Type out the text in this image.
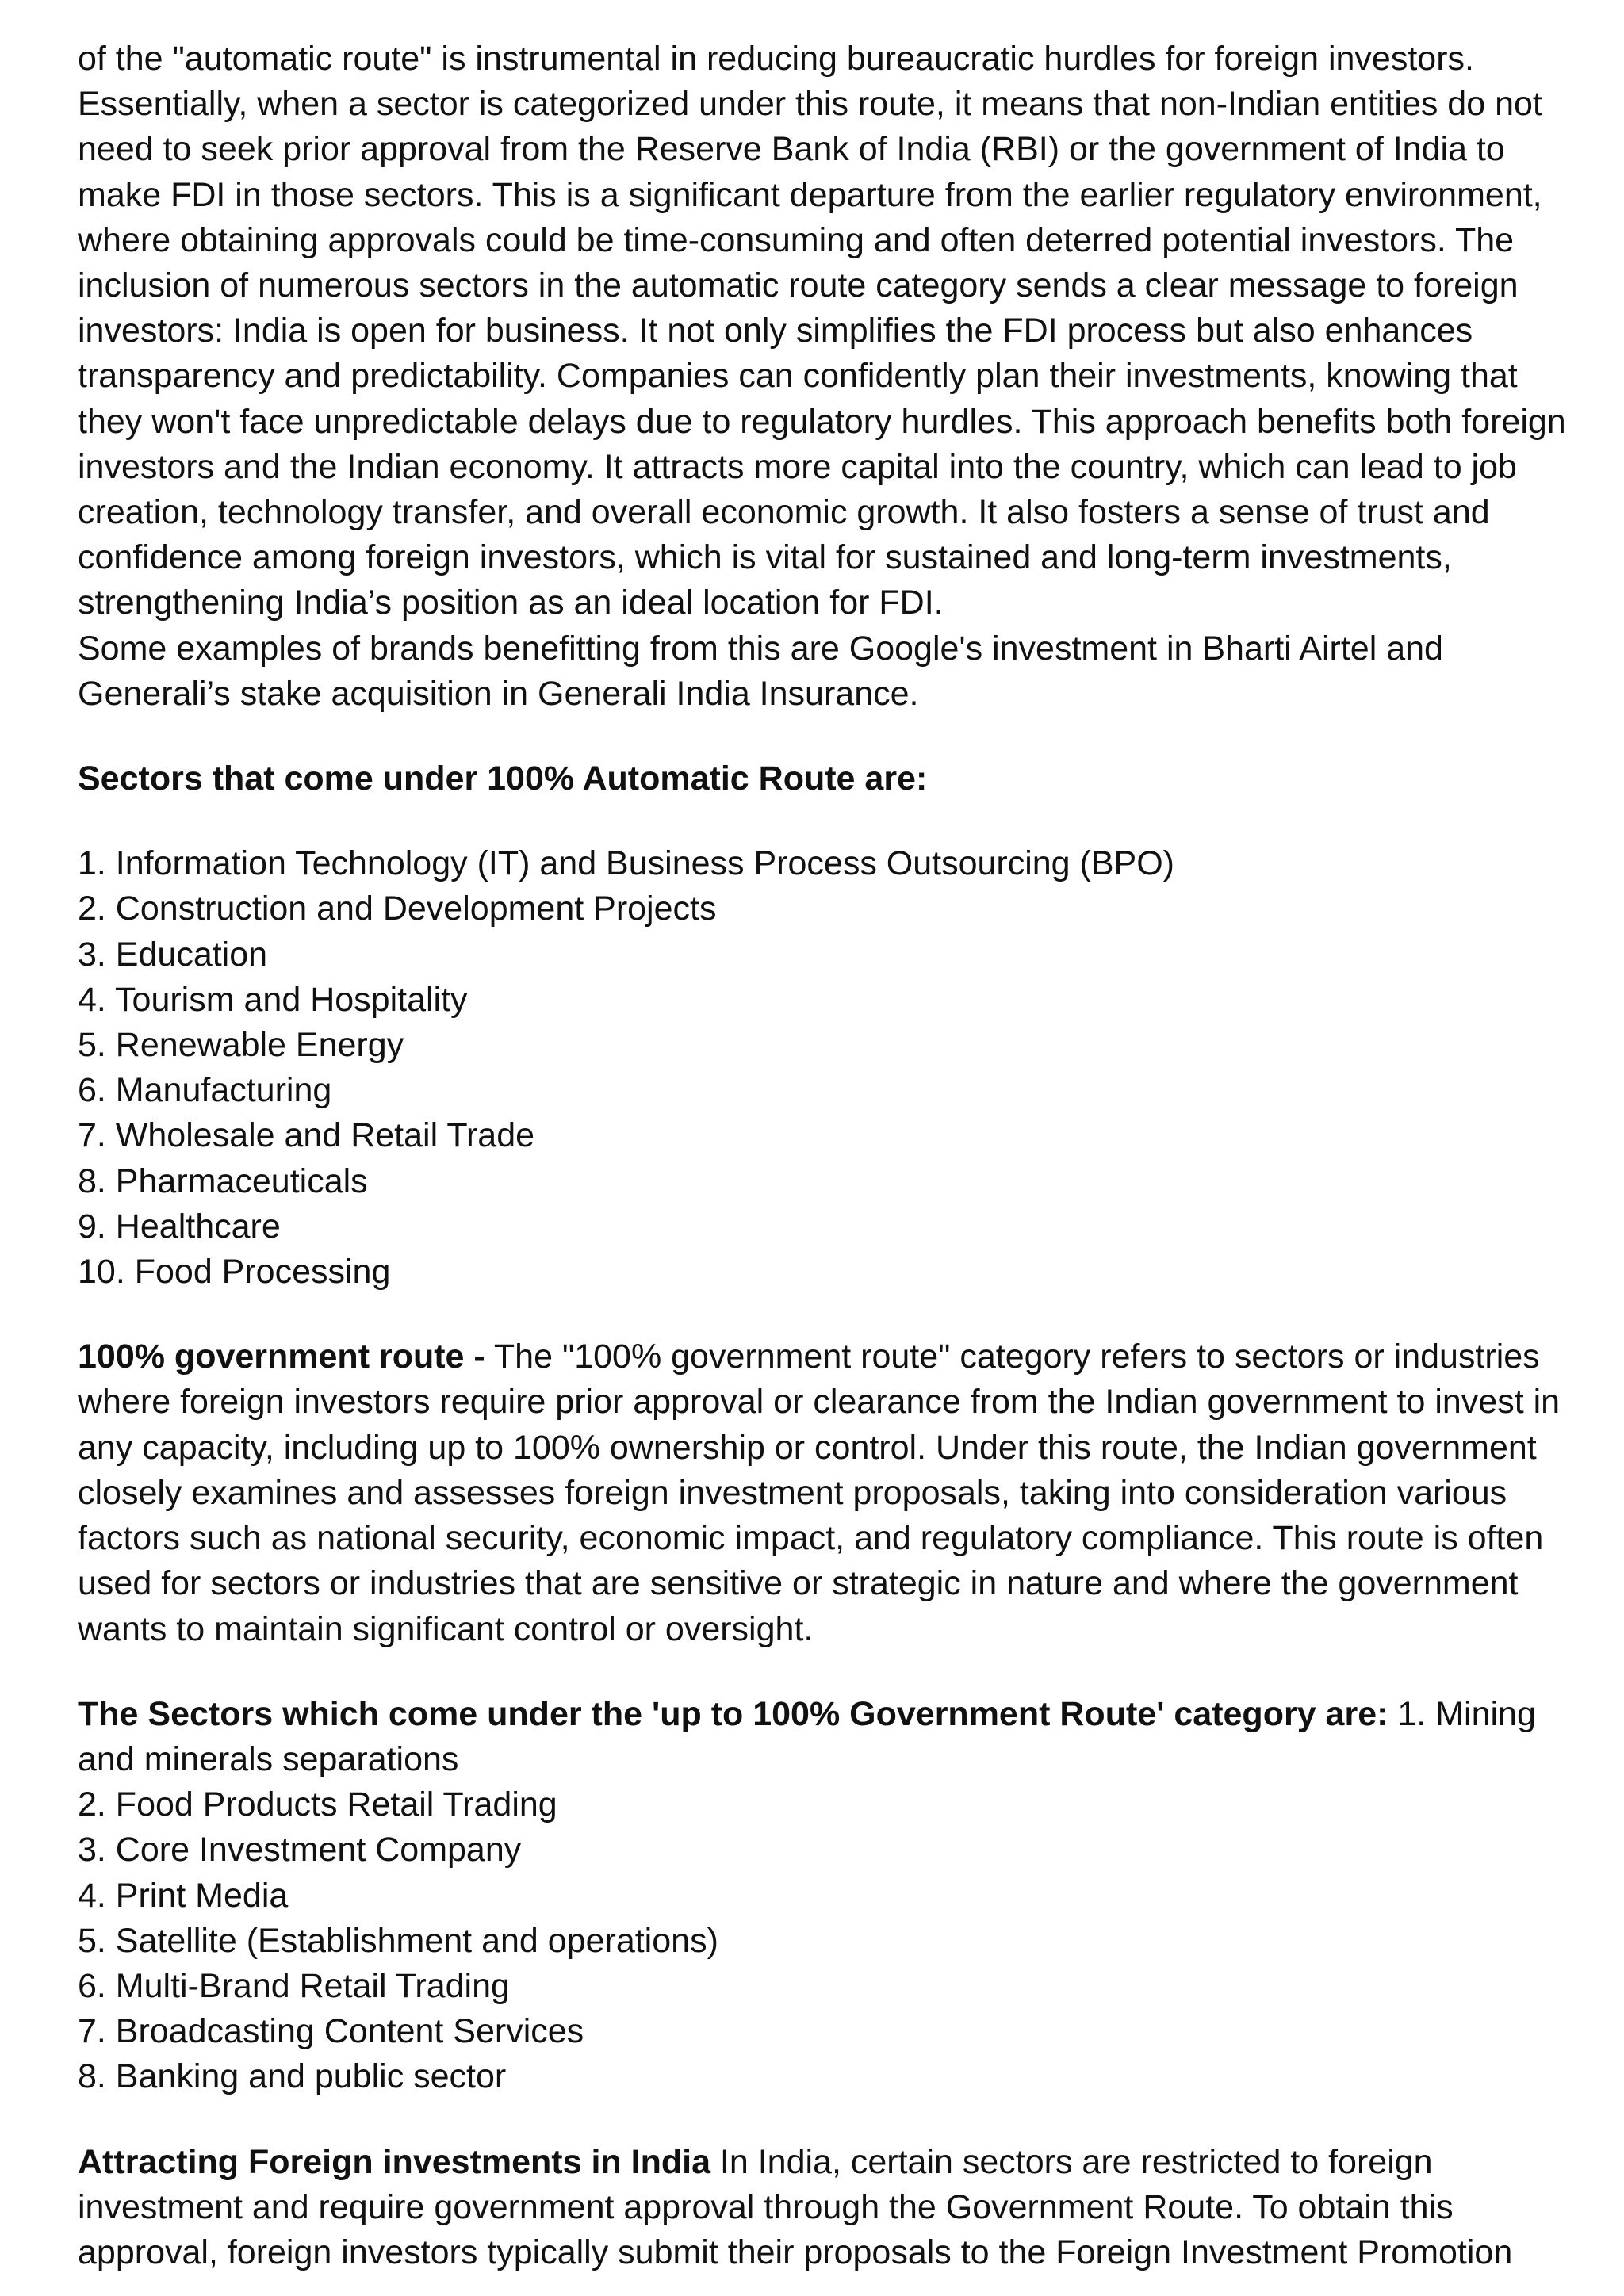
of the "automatic route" is instrumental in reducing bureaucratic hurdles for foreign investors. Essentially, when a sector is categorized under this route, it means that non-Indian entities do not need to seek prior approval from the Reserve Bank of India (RBI) or the government of India to make FDI in those sectors. This is a significant departure from the earlier regulatory environment, where obtaining approvals could be time-consuming and often deterred potential investors. The inclusion of numerous sectors in the automatic route category sends a clear message to foreign investors: India is open for business. It not only simplifies the FDI process but also enhances transparency and predictability. Companies can confidently plan their investments, knowing that they won't face unpredictable delays due to regulatory hurdles. This approach benefits both foreign investors and the Indian economy. It attracts more capital into the country, which can lead to job creation, technology transfer, and overall economic growth. It also fosters a sense of trust and confidence among foreign investors, which is vital for sustained and long-term investments, strengthening India’s position as an ideal location for FDI.

Some examples of brands benefitting from this are Google's investment in Bharti Airtel and Generali’s stake acquisition in Generali India Insurance.

Sectors that come under 100% Automatic Route are:

1. Information Technology (IT) and Business Process Outsourcing (BPO)
2. Construction and Development Projects
3. Education
4. Tourism and Hospitality
5. Renewable Energy
6. Manufacturing
7. Wholesale and Retail Trade
8. Pharmaceuticals
9. Healthcare
10. Food Processing

100% government route - The "100% government route" category refers to sectors or industries where foreign investors require prior approval or clearance from the Indian government to invest in any capacity, including up to 100% ownership or control. Under this route, the Indian government closely examines and assesses foreign investment proposals, taking into consideration various factors such as national security, economic impact, and regulatory compliance. This route is often used for sectors or industries that are sensitive or strategic in nature and where the government wants to maintain significant control or oversight.

The Sectors which come under the 'up to 100% Government Route' category are: 1. Mining and minerals separations

2. Food Products Retail Trading
3. Core Investment Company
4. Print Media
5. Satellite (Establishment and operations)
6. Multi-Brand Retail Trading
7. Broadcasting Content Services
8. Banking and public sector

Attracting Foreign investments in India In India, certain sectors are restricted to foreign investment and require government approval through the Government Route. To obtain this approval, foreign investors typically submit their proposals to the Foreign Investment Promotion
